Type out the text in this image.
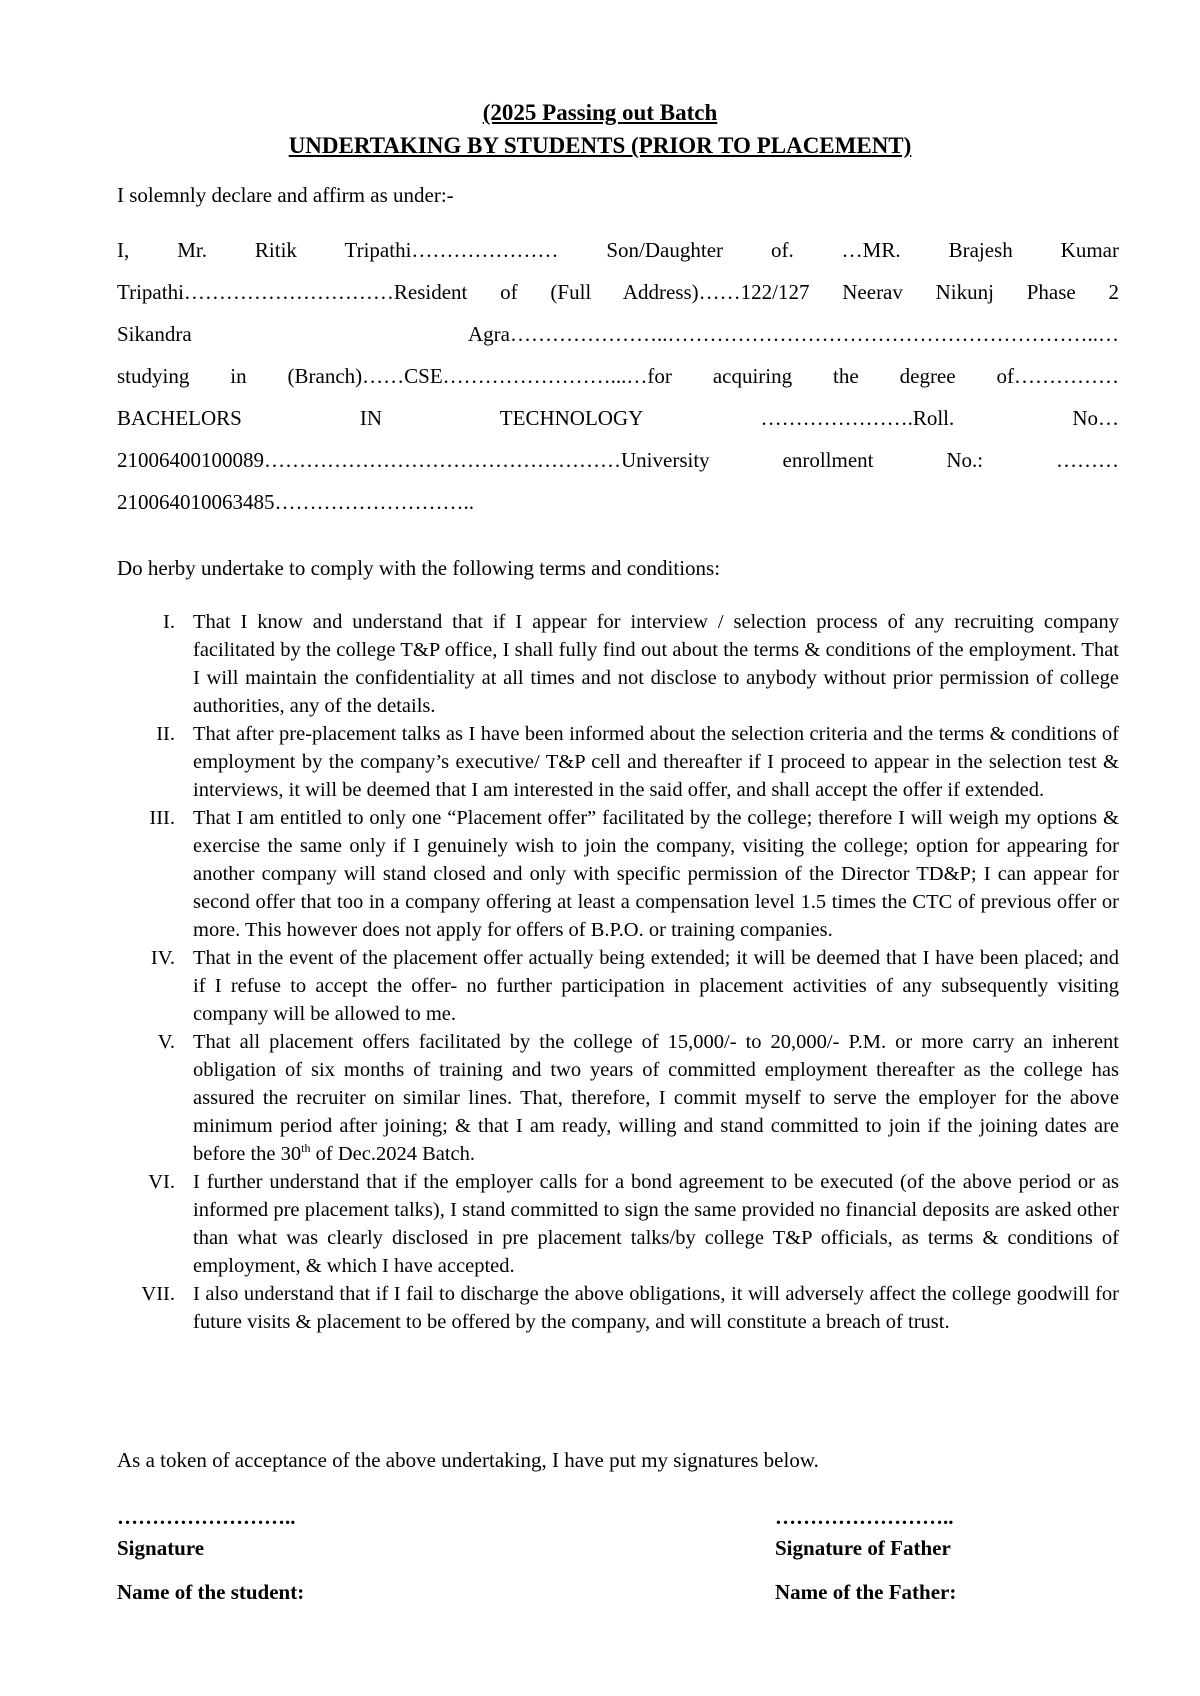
(2025 Passing out Batch
UNDERTAKING BY STUDENTS (PRIOR TO PLACEMENT)
I solemnly declare and affirm as under:-
I, Mr. Ritik Tripathi………………… Son/Daughter of. …MR. Brajesh Kumar
Tripathi…………………………Resident of (Full Address)……122/127 Neerav Nikunj Phase 2
Sikandra Agra…………………..……………………………………………………..…
studying in (Branch)……CSE……………………...…for acquiring the degree of……………
BACHELORS IN TECHNOLOGY ………………….Roll. No…
21006400100089……………………………………………University enrollment No.: ………
210064010063485………………………..
Do herby undertake to comply with the following terms and conditions:
I. That I know and understand that if I appear for interview / selection process of any recruiting company facilitated by the college T&P office, I shall fully find out about the terms & conditions of the employment. That I will maintain the confidentiality at all times and not disclose to anybody without prior permission of college authorities, any of the details.
II. That after pre-placement talks as I have been informed about the selection criteria and the terms & conditions of employment by the company’s executive/ T&P cell and thereafter if I proceed to appear in the selection test & interviews, it will be deemed that I am interested in the said offer, and shall accept the offer if extended.
III. That I am entitled to only one “Placement offer” facilitated by the college; therefore I will weigh my options & exercise the same only if I genuinely wish to join the company, visiting the college; option for appearing for another company will stand closed and only with specific permission of the Director TD&P; I can appear for second offer that too in a company offering at least a compensation level 1.5 times the CTC of previous offer or more. This however does not apply for offers of B.P.O. or training companies.
IV. That in the event of the placement offer actually being extended; it will be deemed that I have been placed; and if I refuse to accept the offer- no further participation in placement activities of any subsequently visiting company will be allowed to me.
V. That all placement offers facilitated by the college of 15,000/- to 20,000/- P.M. or more carry an inherent obligation of six months of training and two years of committed employment thereafter as the college has assured the recruiter on similar lines. That, therefore, I commit myself to serve the employer for the above minimum period after joining; & that I am ready, willing and stand committed to join if the joining dates are before the 30th of Dec.2024 Batch.
VI. I further understand that if the employer calls for a bond agreement to be executed (of the above period or as informed pre placement talks), I stand committed to sign the same provided no financial deposits are asked other than what was clearly disclosed in pre placement talks/by college T&P officials, as terms & conditions of employment, & which I have accepted.
VII. I also understand that if I fail to discharge the above obligations, it will adversely affect the college goodwill for future visits & placement to be offered by the company, and will constitute a breach of trust.
As a token of acceptance of the above undertaking, I have put my signatures below.
……………………..	……………………..
Signature	Signature of Father
Name of the student:	Name of the Father:
